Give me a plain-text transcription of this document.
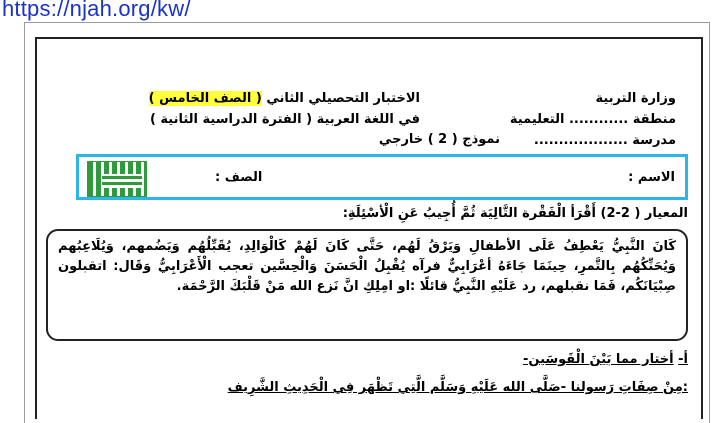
https://njah.org/kw/
وزارة التربية
منطقة ............ التعليمية
مدرسة ...................
الاختبار التحصيلي الثاني ( الصف الخامس )
في اللغة العربية ( الفترة الدراسية الثانية )
نموذج ( 2 ) خارجي
الاسم :
الصف :
المعيار ( 2-2) أَقْرَأ الْفَقْرة التَّالِيَة ثُمَّ أُجِيبُ عَنِ الْأسْئِلَةِ:
كَانَ النَّبِيُّ يَعْطِفُ عَلَى الأطفالِ وَيَرْقُ لَهُم، حَتَّى كَانَ لَهُمْ كَالْوَالِدِ، يُقَبِّلُهُم وَيَضُمهم، وَيُلَاعِبُهم وَيُحَنِّكُهُم بِالتَّمرِ، حِينَمَا جَاءَهُ أعْرَابِيٌّ فرآه يُقْبِلُ الْحَسَنَ وَالْحِسَّين تعجب الْأَعْرَابِيُّ وَقَال: اتقبلون صِبْيَانَكُم، فَمَا نقبلهم، رد عَلَيْهِ النَّبِيُّ قائلًا :او امِلِكِ انَّ نَزع الله مَنْ قَلْبَكَ الرَّحْمَة.
أ- أختار مما بَيْنَ الْقَوسَين-
:مِنْ صِفَاتِ رَسولنا -صَلَّى الله عَلَيْهِ وَسَلَّم الَّتِي تَظْهَر فِي الْحَدِيثِ الشَّرِيف
